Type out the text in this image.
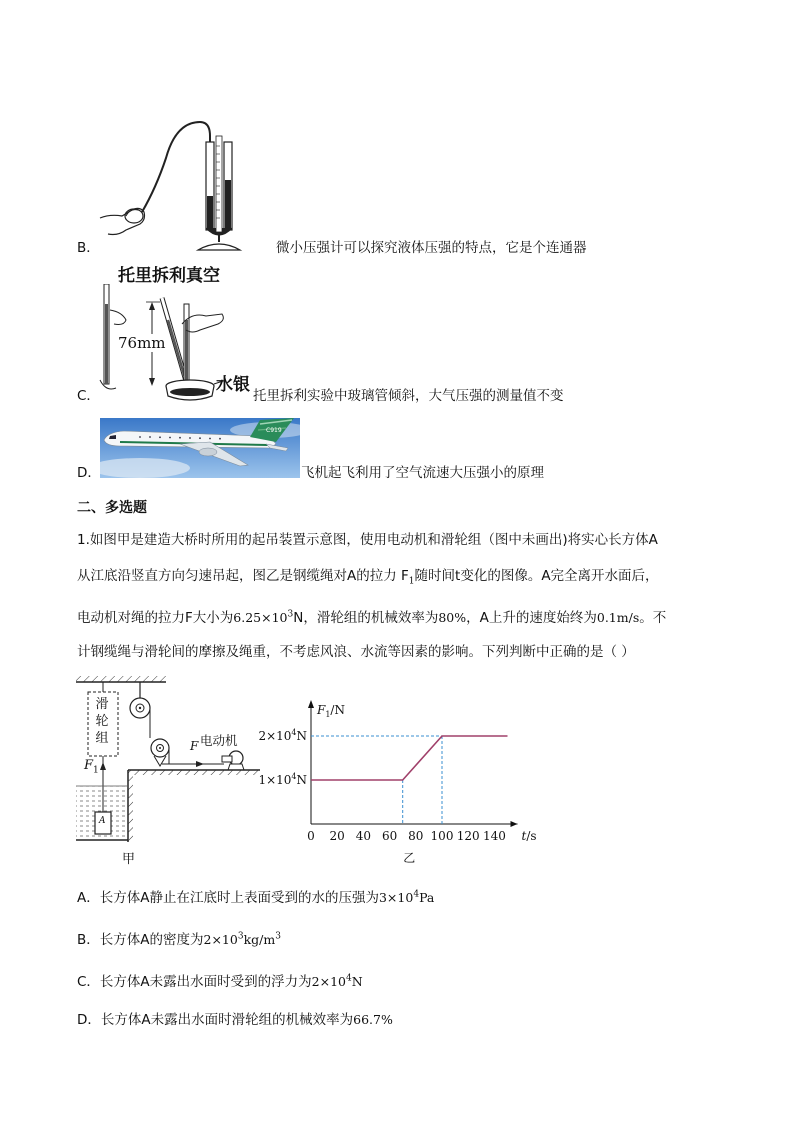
B．	微小压强计可以探究液体压强的特点，它是个连通器
托里拆利真空
76mm
水银
C．	托里拆利实验中玻璃管倾斜，大气压强的测量值不变
C919
D．	飞机起飞利用了空气流速大压强小的原理
二、多选题
1.如图甲是建造大桥时所用的起吊装置示意图，使用电动机和滑轮组（图中未画出)将实心长方体A
从江底沿竖直方向匀速吊起，图乙是钢缆绳对A的拉力 $F_1$随时间t变化的图像。A完全离开水面后，
电动机对绳的拉力F大小为$6.25\times 10^3N$，滑轮组的机械效率为80%，A上升的速度始终为0.1m/s。不
计钢缆绳与滑轮间的摩擦及绳重，不考虑风浪、水流等因素的影响。下列判断中正确的是（ ）
滑
轮
组	电动机
F
$F_1$
A
甲
0 20 40 60 80 100 120 140
$1\times 10^4N$
$2\times 10^4N$
$F_1/N$
t/s
乙
A．长方体A静止在江底时上表面受到的水的压强为$3\times 10^4Pa$
B．长方体A的密度为$2\times 10^3kg/m^3$
C．长方体A未露出水面时受到的浮力为$2\times 10^4N$
D．长方体A未露出水面时滑轮组的机械效率为66.7%
